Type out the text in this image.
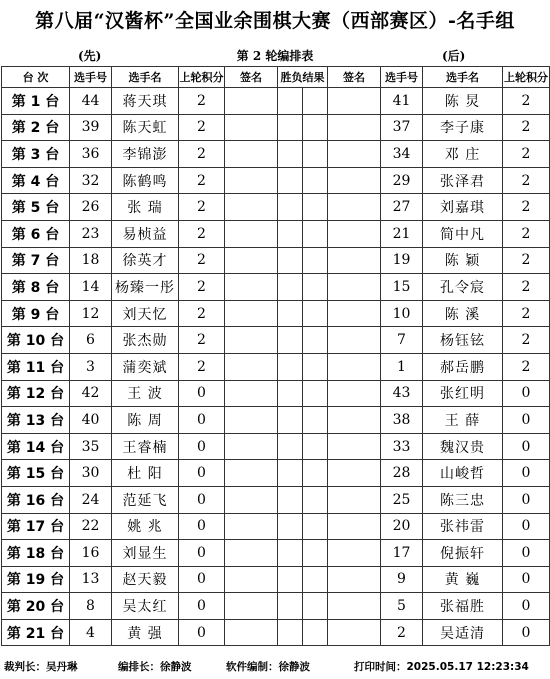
第八届“汉酱杯”全国业余围棋大赛（西部赛区）-名手组
(先)	第 2 轮编排表	(后)
台 次	选手号	选手名	上轮积分	签名	胜负结果		签名	选手号	选手名	上轮积分
第 1 台	44	蒋天琪	2					41	陈 炅	2
第 2 台	39	陈天虹	2					37	李子康	2
第 3 台	36	李锦澎	2					34	邓 庄	2
第 4 台	32	陈鹤鸣	2					29	张泽君	2
第 5 台	26	张 瑞	2					27	刘嘉琪	2
第 6 台	23	易桢益	2					21	简中凡	2
第 7 台	18	徐英才	2					19	陈 颖	2
第 8 台	14	杨臻一彤	2					15	孔令宸	2
第 9 台	12	刘天忆	2					10	陈 溪	2
第 10 台	6	张杰勋	2					7	杨钰铉	2
第 11 台	3	蒲奕斌	2					1	郝岳鹏	2
第 12 台	42	王 波	0					43	张红明	0
第 13 台	40	陈 周	0					38	王 薛	0
第 14 台	35	王睿楠	0					33	魏汉贵	0
第 15 台	30	杜 阳	0					28	山峻哲	0
第 16 台	24	范延飞	0					25	陈三忠	0
第 17 台	22	姚 兆	0					20	张祎雷	0
第 18 台	16	刘显生	0					17	倪振轩	0
第 19 台	13	赵天毅	0					9	黄 巍	0
第 20 台	8	吴太红	0					5	张福胜	0
第 21 台	4	黄 强	0					2	吴适清	0
裁判长：吴丹琳	编排长：徐静波	软件编制：徐静波	打印时间：2025.05.17 12:23:34
